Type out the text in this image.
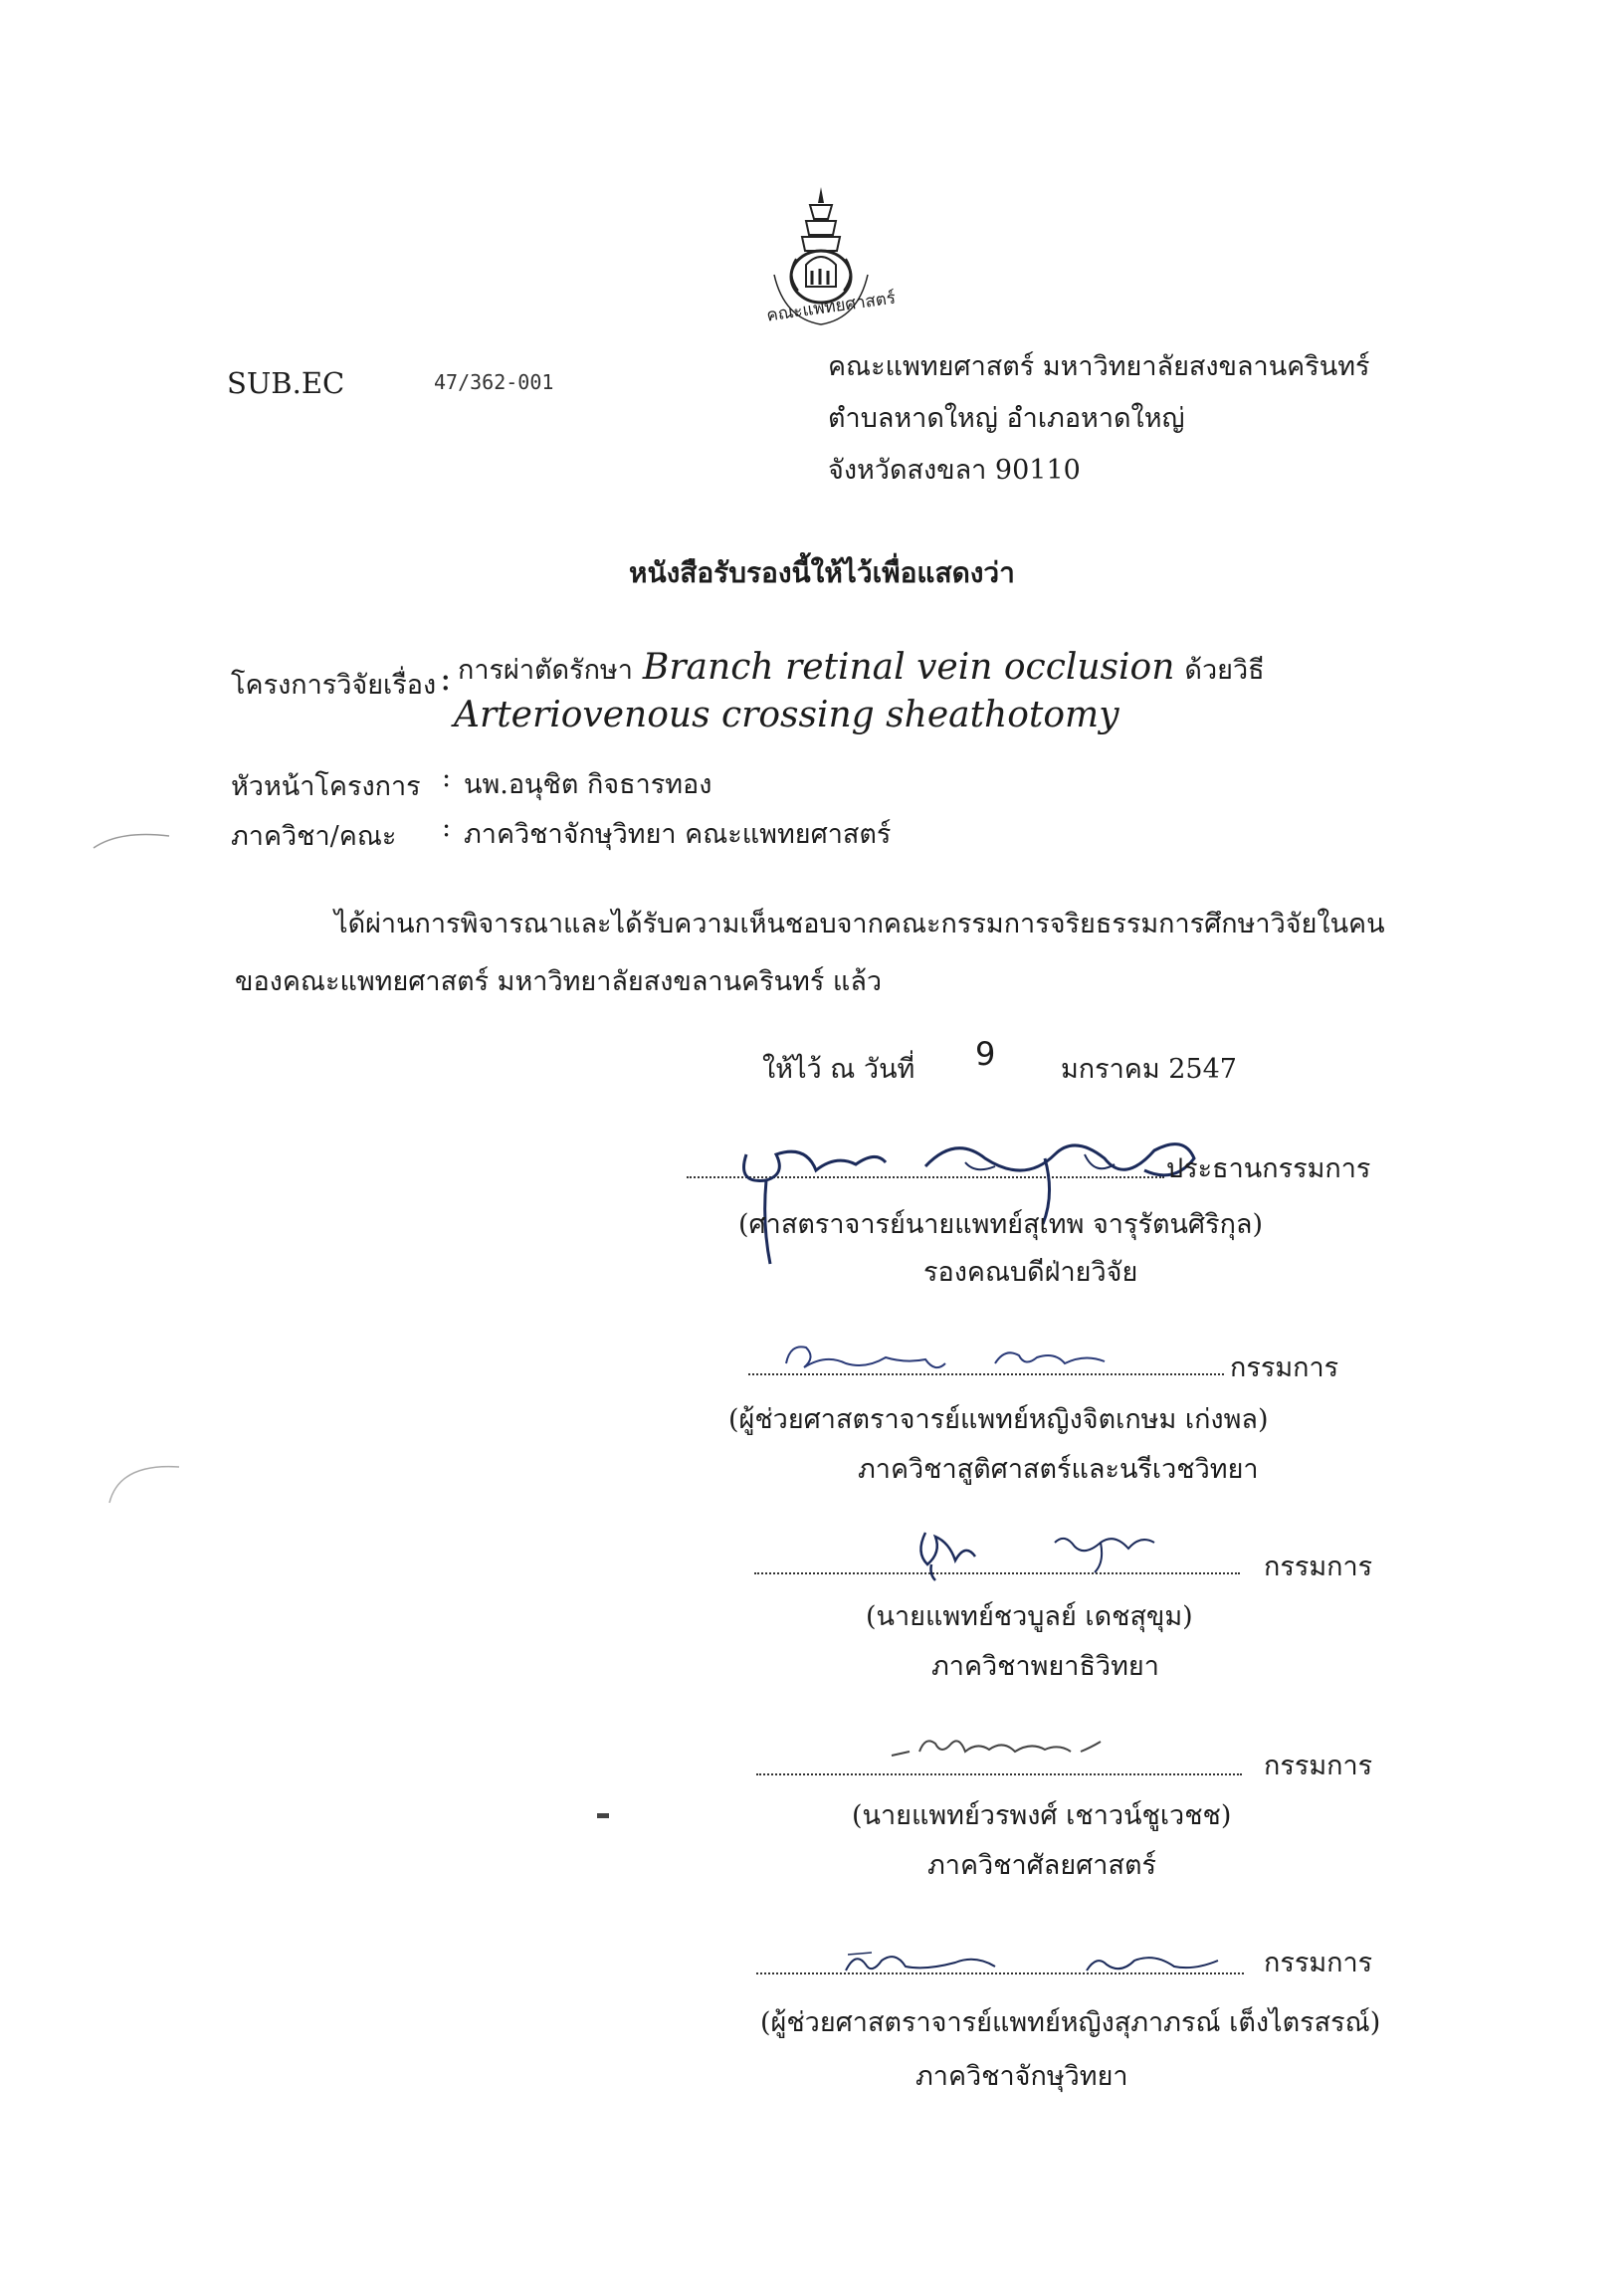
คณะแพทยศาสตร์
SUB.EC	47/362-001	คณะแพทยศาสตร์ มหาวิทยาลัยสงขลานครินทร์
ตำบลหาดใหญ่ อำเภอหาดใหญ่
จังหวัดสงขลา 90110
หนังสือรับรองนี้ให้ไว้เพื่อแสดงว่า
โครงการวิจัยเรื่อง : การผ่าตัดรักษา Branch retinal vein occlusion ด้วยวิธี
Arteriovenous crossing sheathotomy
หัวหน้าโครงการ : นพ.อนุชิต กิจธารทอง
ภาควิชา/คณะ : ภาควิชาจักษุวิทยา คณะแพทยศาสตร์
ได้ผ่านการพิจารณาและได้รับความเห็นชอบจากคณะกรรมการจริยธรรมการศึกษาวิจัยในคน
ของคณะแพทยศาสตร์ มหาวิทยาลัยสงขลานครินทร์ แล้ว
ให้ไว้ ณ วันที่ 9 มกราคม 2547
ประธานกรรมการ
(ศาสตราจารย์นายแพทย์สุเทพ จารุรัตนศิริกุล)
รองคณบดีฝ่ายวิจัย
กรรมการ
(ผู้ช่วยศาสตราจารย์แพทย์หญิงจิตเกษม เก่งพล)
ภาควิชาสูติศาสตร์และนรีเวชวิทยา
กรรมการ
(นายแพทย์ชวบูลย์ เดชสุขุม)
ภาควิชาพยาธิวิทยา
กรรมการ
(นายแพทย์วรพงศ์ เชาวน์ชูเวชช)
ภาควิชาศัลยศาสตร์
กรรมการ
(ผู้ช่วยศาสตราจารย์แพทย์หญิงสุภาภรณ์ เต็งไตรสรณ์)
ภาควิชาจักษุวิทยา
